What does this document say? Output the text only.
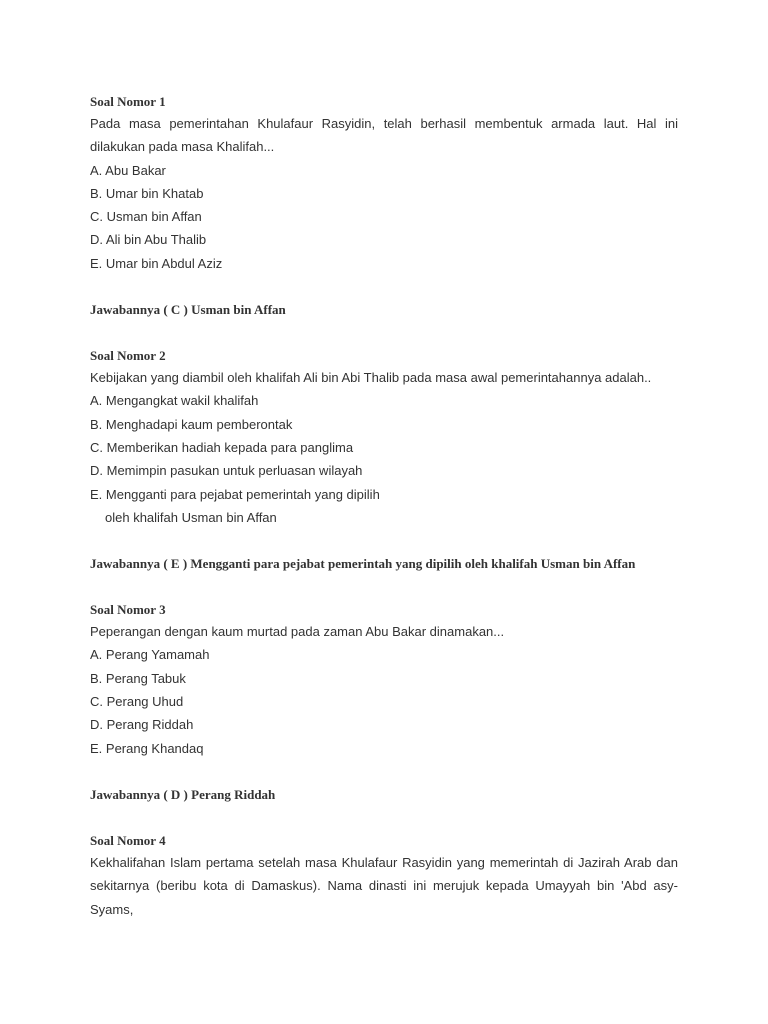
Soal Nomor 1

Pada masa pemerintahan Khulafaur Rasyidin, telah berhasil membentuk armada laut. Hal ini dilakukan pada masa Khalifah...

A. Abu Bakar
B. Umar bin Khatab
C. Usman bin Affan
D. Ali bin Abu Thalib
E. Umar bin Abdul Aziz

Jawabannya ( C ) Usman bin Affan

Soal Nomor 2

Kebijakan yang diambil oleh khalifah Ali bin Abi Thalib pada masa awal pemerintahannya adalah..

A. Mengangkat wakil khalifah
B. Menghadapi kaum pemberontak
C. Memberikan hadiah kepada para panglima
D. Memimpin pasukan untuk perluasan wilayah
E. Mengganti para pejabat pemerintah yang dipilih
oleh khalifah Usman bin Affan

Jawabannya ( E ) Mengganti para pejabat pemerintah yang dipilih oleh khalifah Usman bin Affan

Soal Nomor 3

Peperangan dengan kaum murtad pada zaman Abu Bakar dinamakan...

A. Perang Yamamah
B. Perang Tabuk
C. Perang Uhud
D. Perang Riddah
E. Perang Khandaq

Jawabannya ( D ) Perang Riddah

Soal Nomor 4

Kekhalifahan Islam pertama setelah masa Khulafaur Rasyidin yang memerintah di Jazirah Arab dan sekitarnya (beribu kota di Damaskus). Nama dinasti ini merujuk kepada Umayyah bin 'Abd asy-Syams,
